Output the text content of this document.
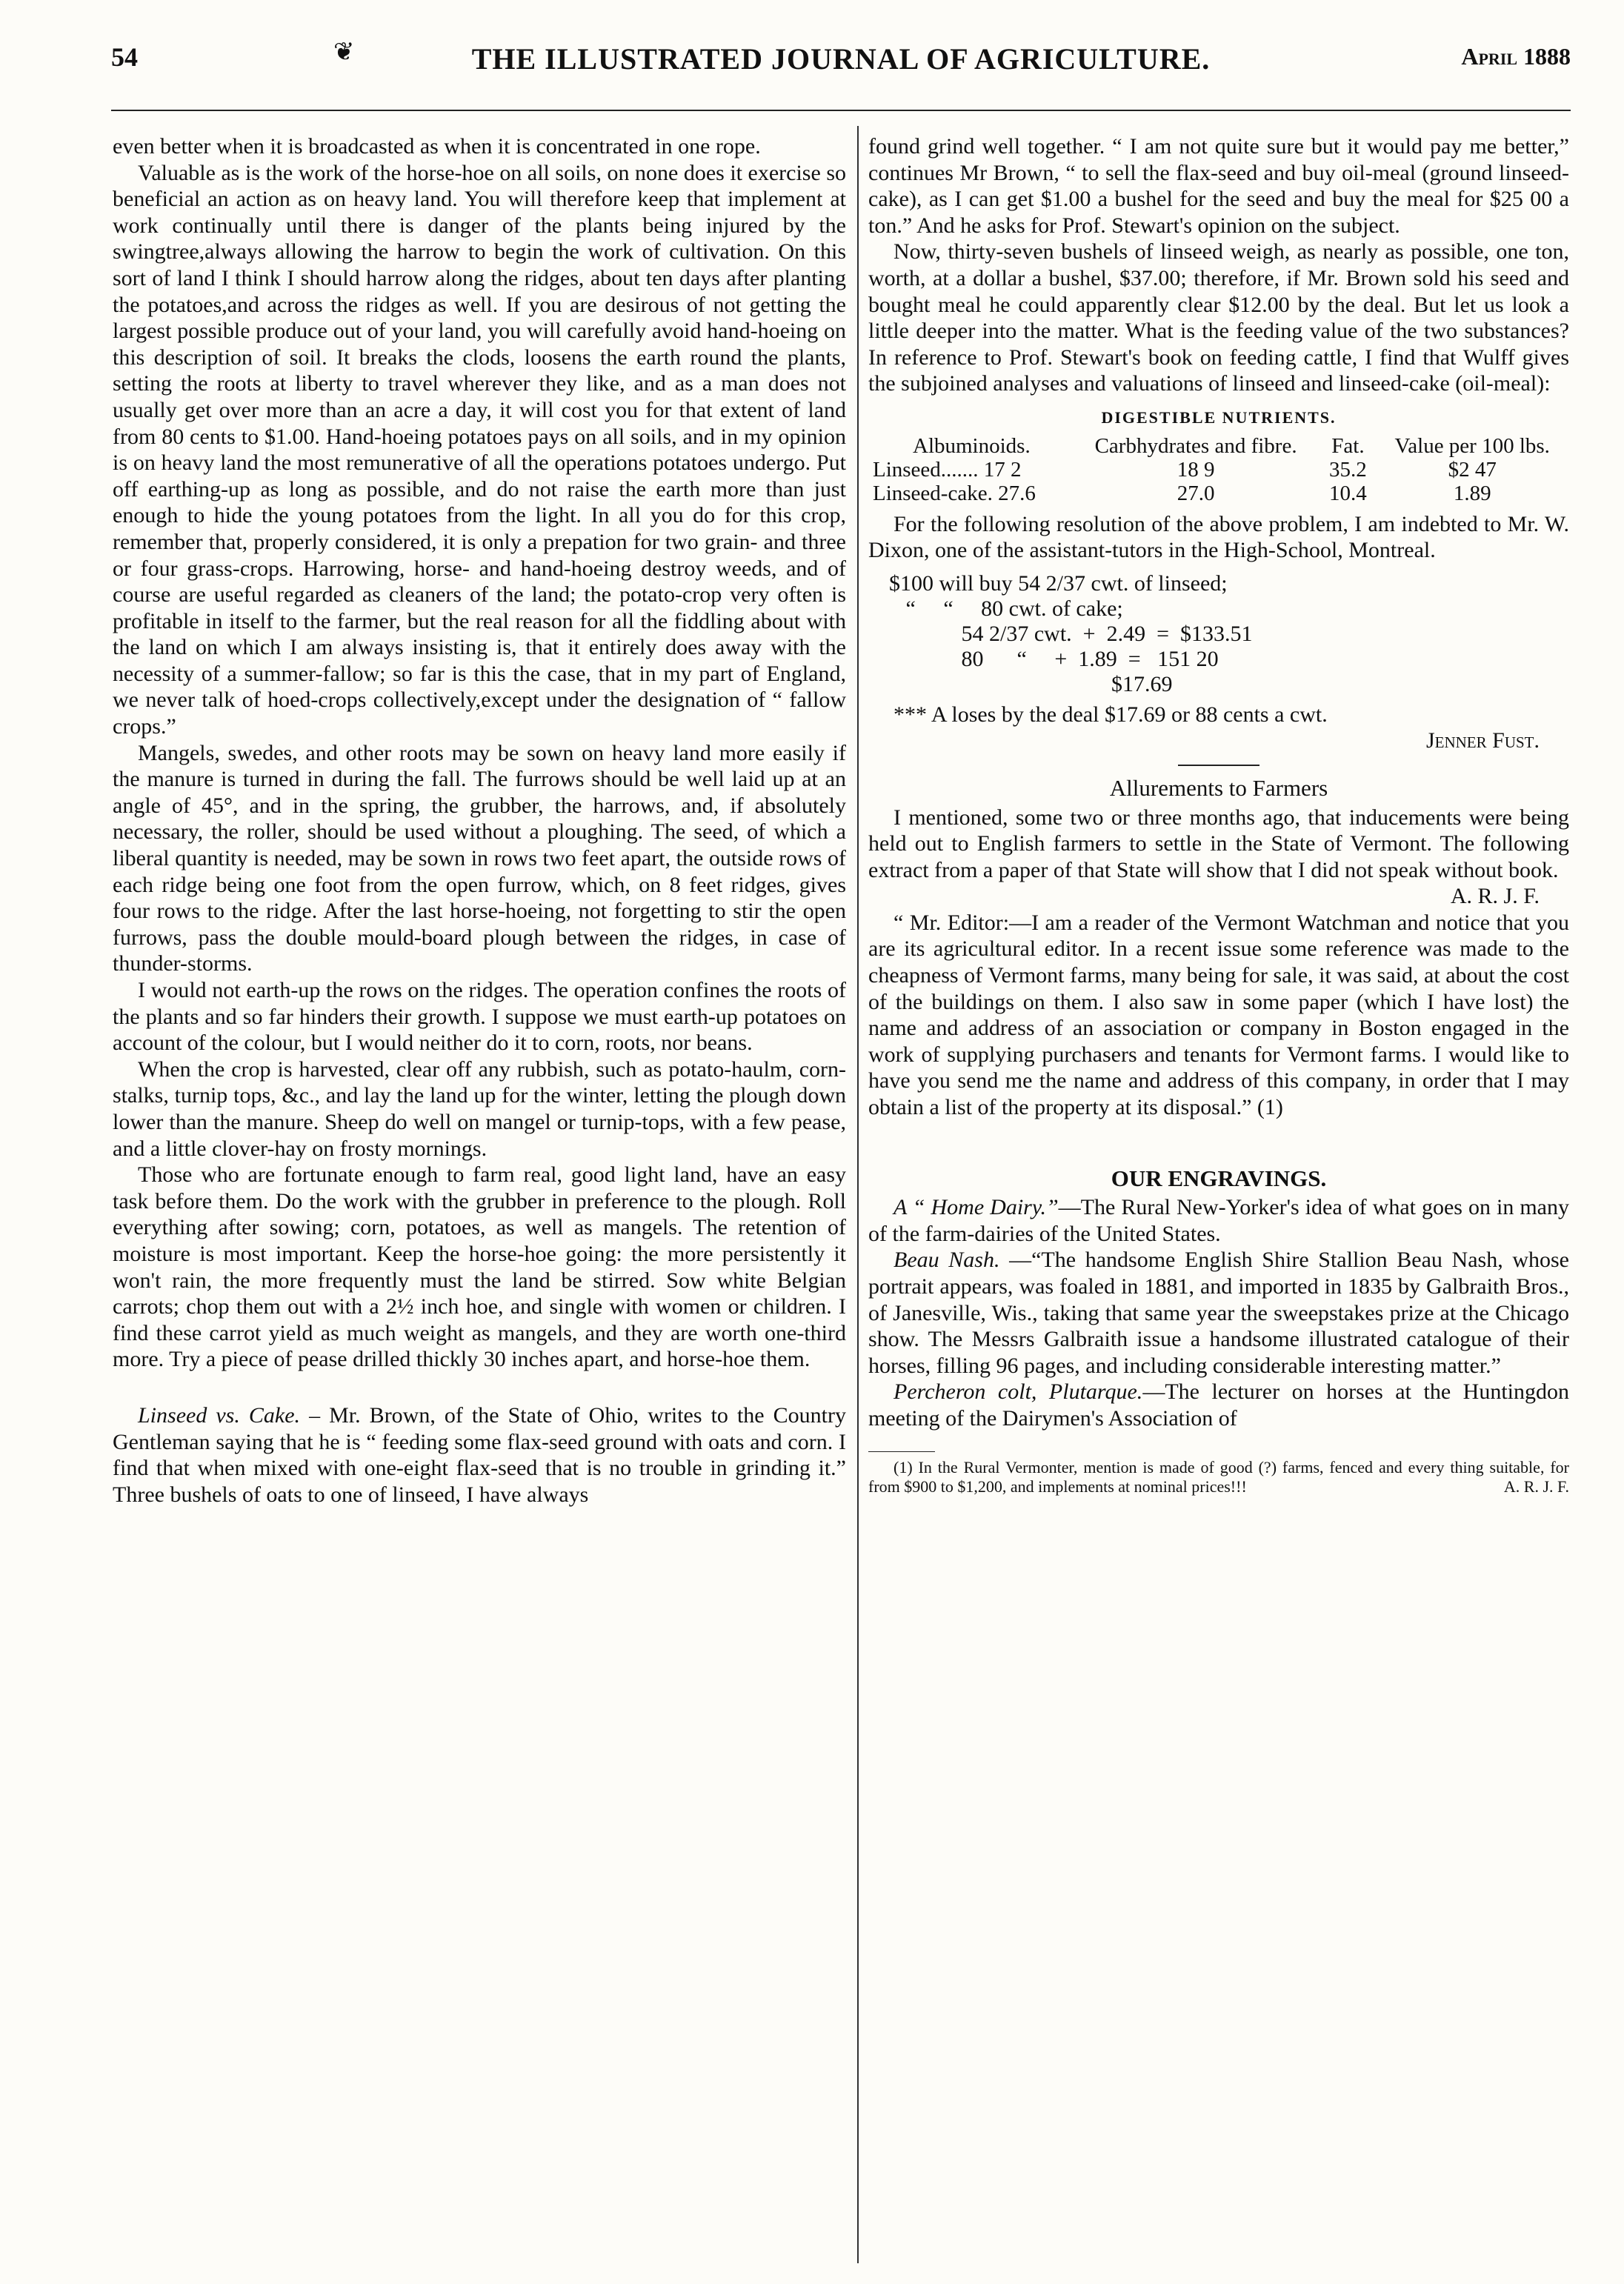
54	❦	THE ILLUSTRATED JOURNAL OF AGRICULTURE.	April 1888

even better when it is broadcasted as when it is concentrated in one rope.

Valuable as is the work of the horse-hoe on all soils, on none does it exercise so beneficial an action as on heavy land. You will therefore keep that implement at work continually until there is danger of the plants being injured by the swingtree,always allowing the harrow to begin the work of cultivation. On this sort of land I think I should harrow along the ridges, about ten days after planting the potatoes,and across the ridges as well. If you are desirous of not getting the largest possible produce out of your land, you will carefully avoid hand-hoeing on this description of soil. It breaks the clods, loosens the earth round the plants, setting the roots at liberty to travel wherever they like, and as a man does not usually get over more than an acre a day, it will cost you for that extent of land from 80 cents to $1.00. Hand-hoeing potatoes pays on all soils, and in my opinion is on heavy land the most remunerative of all the operations potatoes undergo. Put off earthing-up as long as possible, and do not raise the earth more than just enough to hide the young potatoes from the light. In all you do for this crop, remember that, properly considered, it is only a prepation for two grain- and three or four grass-crops. Harrowing, horse- and hand-hoeing destroy weeds, and of course are useful regarded as cleaners of the land; the potato-crop very often is profitable in itself to the farmer, but the real reason for all the fiddling about with the land on which I am always insisting is, that it entirely does away with the necessity of a summer-fallow; so far is this the case, that in my part of England, we never talk of hoed-crops collectively,except under the designation of “ fallow crops.”

Mangels, swedes, and other roots may be sown on heavy land more easily if the manure is turned in during the fall. The furrows should be well laid up at an angle of 45°, and in the spring, the grubber, the harrows, and, if absolutely necessary, the roller, should be used without a ploughing. The seed, of which a liberal quantity is needed, may be sown in rows two feet apart, the outside rows of each ridge being one foot from the open furrow, which, on 8 feet ridges, gives four rows to the ridge. After the last horse-hoeing, not forgetting to stir the open furrows, pass the double mould-board plough between the ridges, in case of thunder-storms.

I would not earth-up the rows on the ridges. The operation confines the roots of the plants and so far hinders their growth. I suppose we must earth-up potatoes on account of the colour, but I would neither do it to corn, roots, nor beans.

When the crop is harvested, clear off any rubbish, such as potato-haulm, corn-stalks, turnip tops, &c., and lay the land up for the winter, letting the plough down lower than the manure. Sheep do well on mangel or turnip-tops, with a few pease, and a little clover-hay on frosty mornings.

Those who are fortunate enough to farm real, good light land, have an easy task before them. Do the work with the grubber in preference to the plough. Roll everything after sowing; corn, potatoes, as well as mangels. The retention of moisture is most important. Keep the horse-hoe going: the more persistently it won't rain, the more frequently must the land be stirred. Sow white Belgian carrots; chop them out with a 2½ inch hoe, and single with women or children. I find these carrot yield as much weight as mangels, and they are worth one-third more. Try a piece of pease drilled thickly 30 inches apart, and horse-hoe them.

Linseed vs. Cake. – Mr. Brown, of the State of Ohio, writes to the Country Gentleman saying that he is “ feeding some flax-seed ground with oats and corn. I find that when mixed with one-eight flax-seed that is no trouble in grinding it.” Three bushels of oats to one of linseed, I have always

found grind well together. “ I am not quite sure but it would pay me better,” continues Mr Brown, “ to sell the flax-seed and buy oil-meal (ground linseed-cake), as I can get $1.00 a bushel for the seed and buy the meal for $25 00 a ton.” And he asks for Prof. Stewart's opinion on the subject.

Now, thirty-seven bushels of linseed weigh, as nearly as possible, one ton, worth, at a dollar a bushel, $37.00; therefore, if Mr. Brown sold his seed and bought meal he could apparently clear $12.00 by the deal. But let us look a little deeper into the matter. What is the feeding value of the two substances? In reference to Prof. Stewart's book on feeding cattle, I find that Wulff gives the subjoined analyses and valuations of linseed and linseed-cake (oil-meal):

DIGESTIBLE NUTRIENTS.
Albuminoids.	Carbhydrates and fibre.	Fat.	Value per 100 lbs.
Linseed....... 17 2	18 9	35.2	$2 47
Linseed-cake. 27.6	27.0	10.4	1.89

For the following resolution of the above problem, I am indebted to Mr. W. Dixon, one of the assistant-tutors in the High-School, Montreal.

$100 will buy 54 2/37 cwt. of linseed;
“     “     80 cwt. of cake;
54 2/37 cwt.  +  2.49  =  $133.51
80      “     +  1.89  =   151 20
$17.69

*** A loses by the deal $17.69 or 88 cents a cwt.

Jenner Fust.
Allurements to Farmers

I mentioned, some two or three months ago, that inducements were being held out to English farmers to settle in the State of Vermont. The following extract from a paper of that State will show that I did not speak without book.

A. R. J. F.

“ Mr. Editor:—I am a reader of the Vermont Watchman and notice that you are its agricultural editor. In a recent issue some reference was made to the cheapness of Vermont farms, many being for sale, it was said, at about the cost of the buildings on them. I also saw in some paper (which I have lost) the name and address of an association or company in Boston engaged in the work of supplying purchasers and tenants for Vermont farms. I would like to have you send me the name and address of this company, in order that I may obtain a list of the property at its disposal.” (1)

OUR ENGRAVINGS.

A “ Home Dairy.”—The Rural New-Yorker's idea of what goes on in many of the farm-dairies of the United States.

Beau Nash. —“The handsome English Shire Stallion Beau Nash, whose portrait appears, was foaled in 1881, and imported in 1835 by Galbraith Bros., of Janesville, Wis., taking that same year the sweepstakes prize at the Chicago show. The Messrs Galbraith issue a handsome illustrated catalogue of their horses, filling 96 pages, and including considerable interesting matter.”

Percheron colt, Plutarque.—The lecturer on horses at the Huntingdon meeting of the Dairymen's Association of

(1) In the Rural Vermonter, mention is made of good (?) farms, fenced and every thing suitable, for from $900 to $1,200, and implements at nominal prices!!!	A. R. J. F.
